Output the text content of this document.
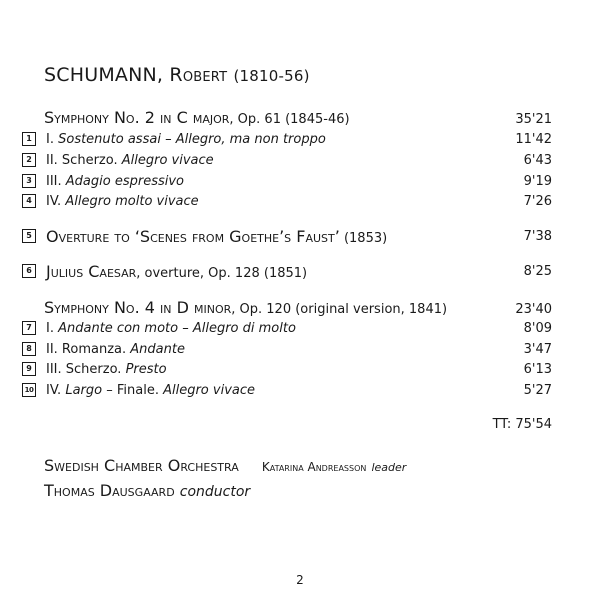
SCHUMANN, Robert (1810-56)
Symphony No. 2 in C major, Op. 61 (1845-46)	35'21
1	I. Sostenuto assai – Allegro, ma non troppo	11'42
2	II. Scherzo. Allegro vivace	6'43
3	III. Adagio espressivo	9'19
4	IV. Allegro molto vivace	7'26
5 Overture to ‘Scenes from Goethe’s Faust’ (1853)	7'38
6 Julius Caesar, overture, Op. 128 (1851)	8'25
Symphony No. 4 in D minor, Op. 120 (original version, 1841)	23'40
7	I. Andante con moto – Allegro di molto	8'09
8	II. Romanza. Andante	3'47
9	III. Scherzo. Presto	6'13
10 IV. Largo – Finale. Allegro vivace	5'27
TT: 75'54
Swedish Chamber Orchestra Katarina Andreasson leader
Thomas Dausgaard conductor
2
